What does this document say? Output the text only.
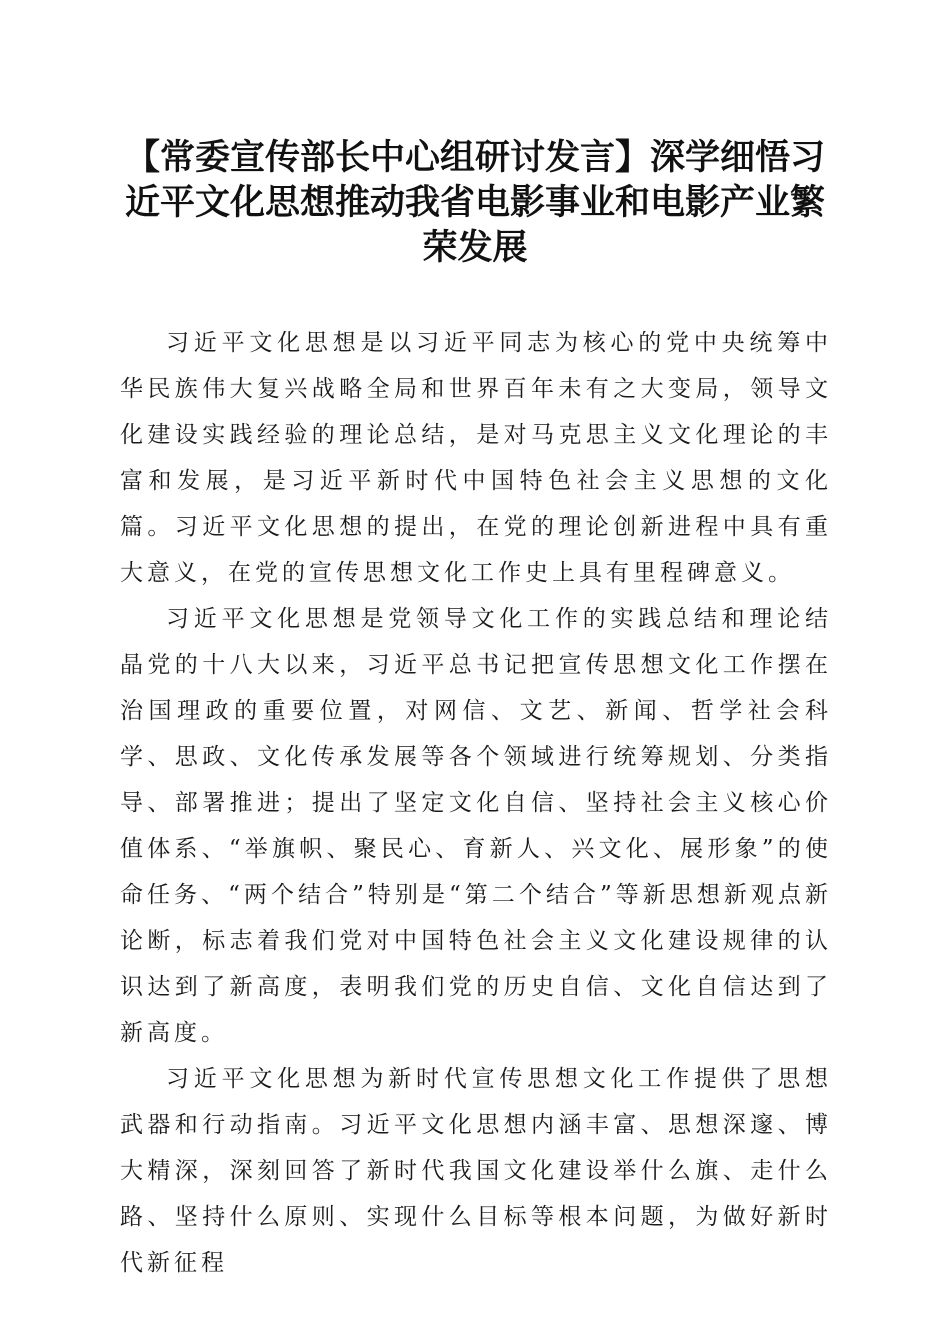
【常委宣传部长中心组研讨发言】深学细悟习近平文化思想推动我省电影事业和电影产业繁荣发展

习近平文化思想是以习近平同志为核心的党中央统筹中华民族伟大复兴战略全局和世界百年未有之大变局，领导文化建设实践经验的理论总结，是对马克思主义文化理论的丰富和发展，是习近平新时代中国特色社会主义思想的文化篇。习近平文化思想的提出，在党的理论创新进程中具有重大意义，在党的宣传思想文化工作史上具有里程碑意义。

习近平文化思想是党领导文化工作的实践总结和理论结晶党的十八大以来，习近平总书记把宣传思想文化工作摆在治国理政的重要位置，对网信、文艺、新闻、哲学社会科学、思政、文化传承发展等各个领域进行统筹规划、分类指导、部署推进；提出了坚定文化自信、坚持社会主义核心价值体系、“举旗帜、聚民心、育新人、兴文化、展形象”的使命任务、“两个结合”特别是“第二个结合”等新思想新观点新论断，标志着我们党对中国特色社会主义文化建设规律的认识达到了新高度，表明我们党的历史自信、文化自信达到了新高度。

习近平文化思想为新时代宣传思想文化工作提供了思想武器和行动指南。习近平文化思想内涵丰富、思想深邃、博大精深，深刻回答了新时代我国文化建设举什么旗、走什么路、坚持什么原则、实现什么目标等根本问题，为做好新时代新征程
